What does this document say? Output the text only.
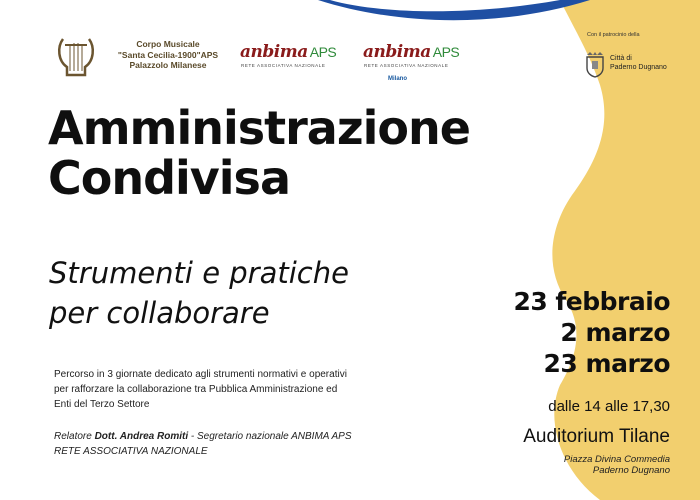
Corpo Musicale
"Santa Cecilia-1900"APS
Palazzolo Milanese
anbima APS
RETE ASSOCIATIVA NAZIONALE
anbima APS
RETE ASSOCIATIVA NAZIONALE
Milano
Con il patrocinio della
Città di
Paderno Dugnano
Amministrazione
Condivisa
Strumenti e pratiche
per collaborare
Percorso in 3 giornate dedicato agli strumenti normativi e operativi
per rafforzare la collaborazione tra Pubblica Amministrazione ed
Enti del Terzo Settore
Relatore Dott. Andrea Romiti - Segretario nazionale ANBIMA APS
RETE ASSOCIATIVA NAZIONALE
23 febbraio
2 marzo
23 marzo
dalle 14 alle 17,30
Auditorium Tilane
Piazza Divina Commedia
Paderno Dugnano
